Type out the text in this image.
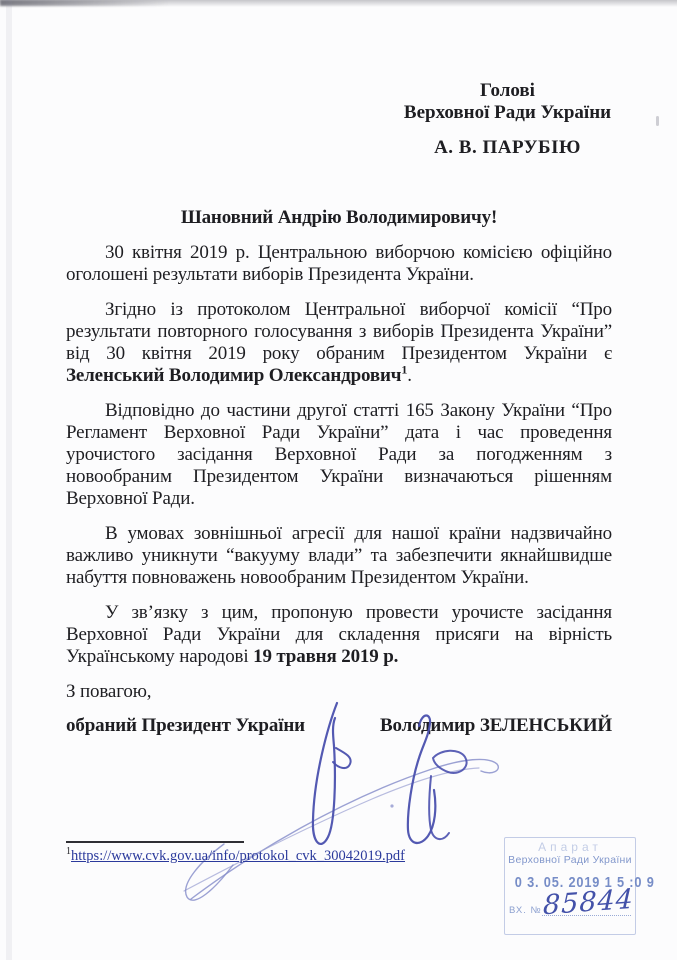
Голові
Верховної Ради України
А. В. ПАРУБІЮ
Шановний Андрію Володимировичу!

30 квітня 2019 р. Центральною виборчою комісією офіційно оголошені результати виборів Президента України.

Згідно із протоколом Центральної виборчої комісії “Про результати повторного голосування з виборів Президента України” від 30 квітня 2019 року обраним Президентом України є Зеленський Володимир Олександрович$^1$.

Відповідно до частини другої статті 165 Закону України “Про Регламент Верховної Ради України” дата і час проведення урочистого засідання Верховної Ради за погодженням з новообраним Президентом України визначаються рішенням Верховної Ради.

В умовах зовнішньої агресії для нашої країни надзвичайно важливо уникнути “вакууму влади” та забезпечити якнайшвидше набуття повноважень новообраним Президентом України.

У зв’язку з цим, пропоную провести урочисте засідання Верховної Ради України для складення присяги на вірність Українському народові 19 травня 2019 р.

З повагою,
обраний Президент України	Володимир ЗЕЛЕНСЬКИЙ
$^1$https://www.cvk.gov.ua/info/protokol_cvk_30042019.pdf
Апарат
Верховної Ради України
0 3. 05. 2019 1 5 :0 9
ВХ. № 85844
